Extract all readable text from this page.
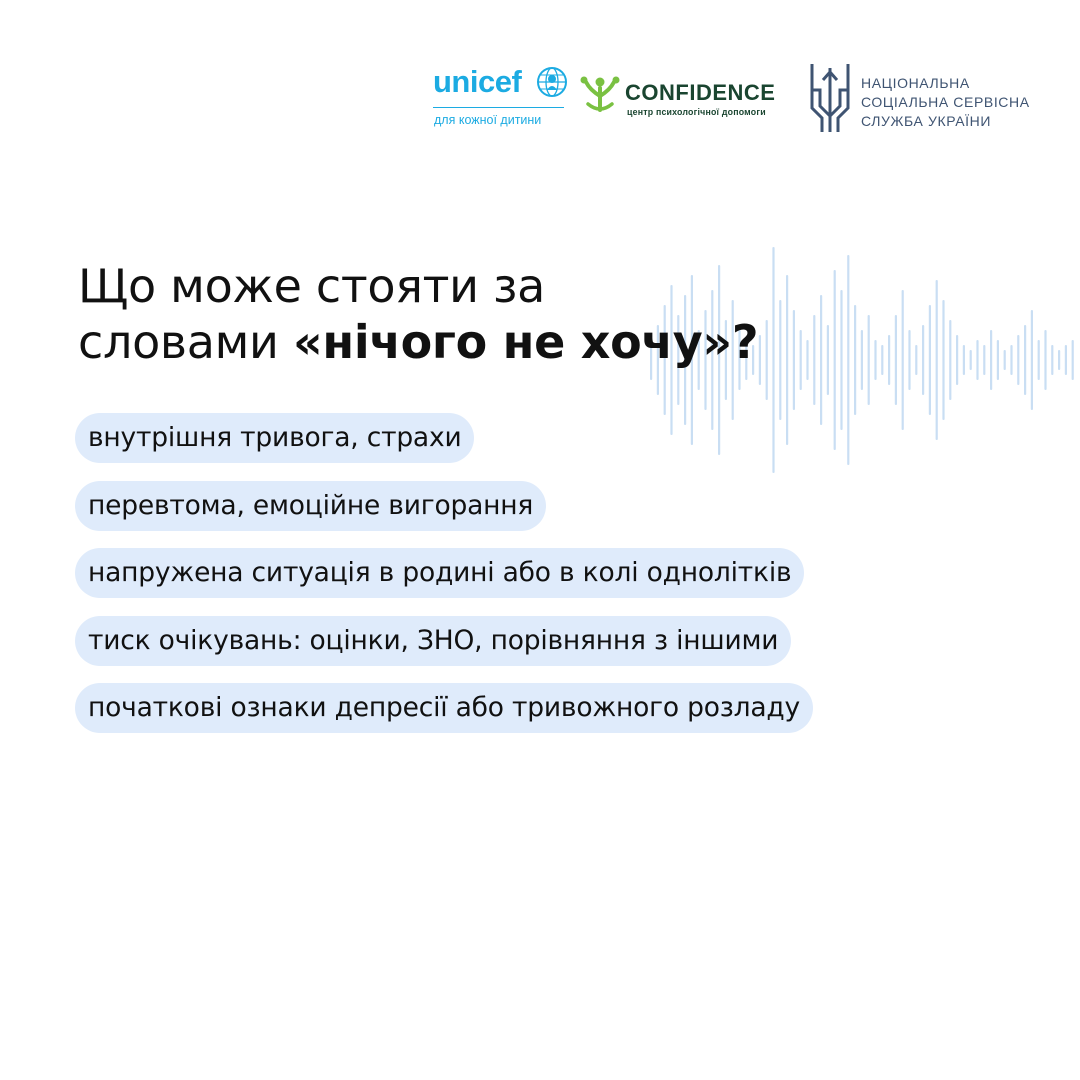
unicef
для кожної дитини
CONFIDENCE
центр психологічної допомоги
НАЦІОНАЛЬНА
СОЦІАЛЬНА СЕРВІСНА
СЛУЖБА УКРАЇНИ
Що може стояти за
словами «нічого не хочу»?
внутрішня тривога, страхи
перевтома, емоційне вигорання
напружена ситуація в родині або в колі однолітків
тиск очікувань: оцінки, ЗНО, порівняння з іншими
початкові ознаки депресії або тривожного розладу
